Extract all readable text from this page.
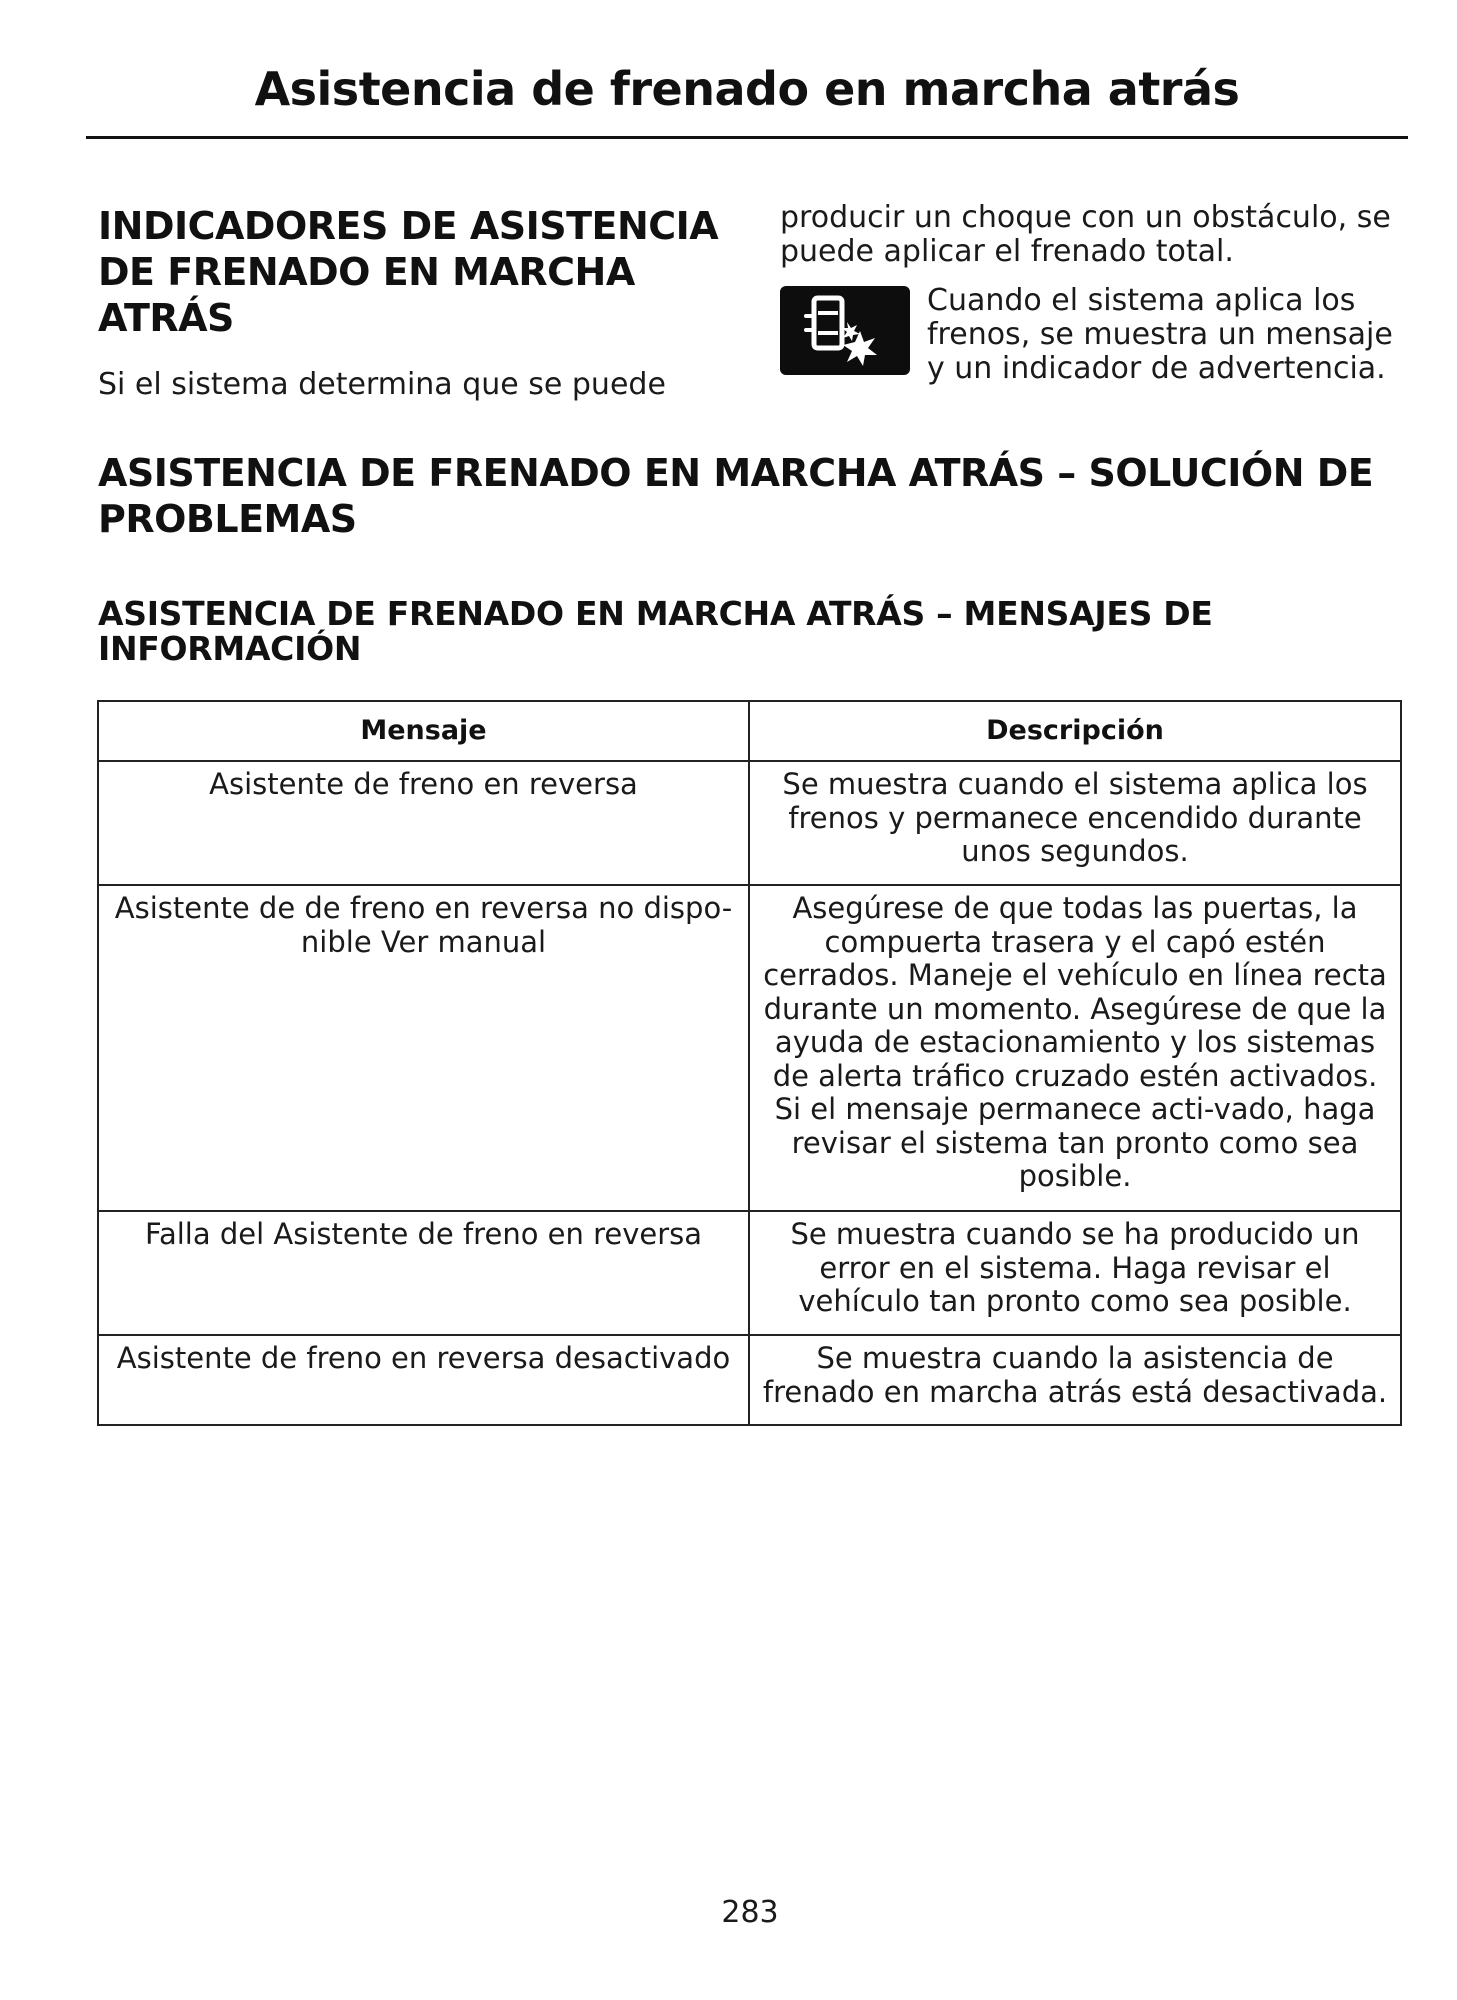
Asistencia de frenado en marcha atrás
INDICADORES DE ASISTENCIA DE FRENADO EN MARCHA ATRÁS
Si el sistema determina que se puede
producir un choque con un obstáculo, se puede aplicar el frenado total.
Cuando el sistema aplica los frenos, se muestra un mensaje y un indicador de advertencia.
ASISTENCIA DE FRENADO EN MARCHA ATRÁS – SOLUCIÓN DE PROBLEMAS
ASISTENCIA DE FRENADO EN MARCHA ATRÁS – MENSAJES DE INFORMACIÓN
Mensaje	Descripción
Asistente de freno en reversa	Se muestra cuando el sistema aplica los frenos y permanece encendido durante unos segundos.
Asistente de de freno en reversa no dispo-nible Ver manual	Asegúrese de que todas las puertas, la compuerta trasera y el capó estén cerrados. Maneje el vehículo en línea recta durante un momento. Asegúrese de que la ayuda de estacionamiento y los sistemas de alerta tráfico cruzado estén activados. Si el mensaje permanece acti-vado, haga revisar el sistema tan pronto como sea posible.
Falla del Asistente de freno en reversa	Se muestra cuando se ha producido un error en el sistema. Haga revisar el vehículo tan pronto como sea posible.
Asistente de freno en reversa desactivado	Se muestra cuando la asistencia de frenado en marcha atrás está desactivada.
283
